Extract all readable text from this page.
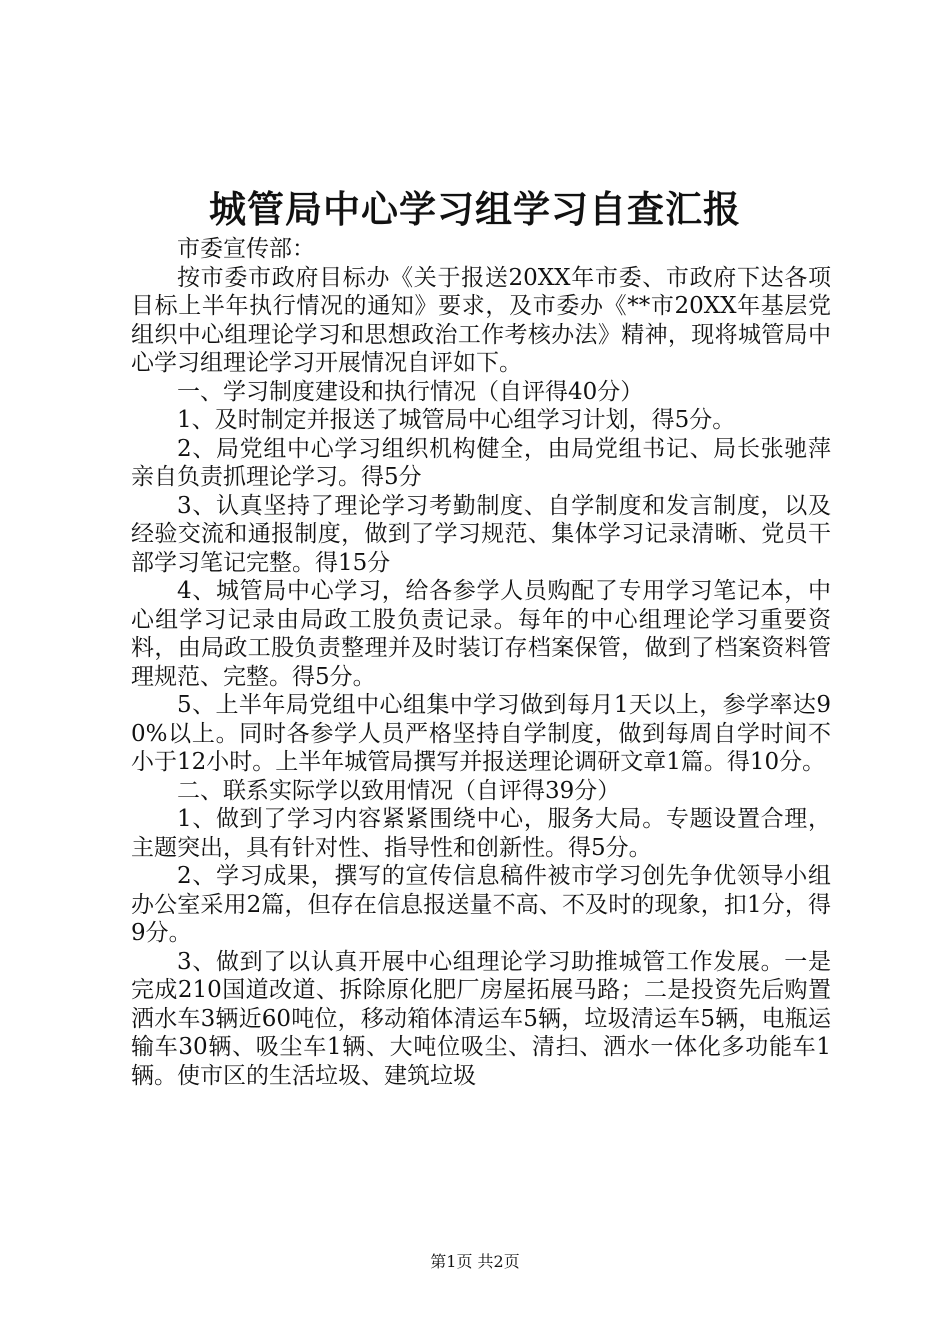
城管局中心学习组学习自查汇报

市委宣传部：

按市委市政府目标办《关于报送20XX年市委、市政府下达各项目标上半年执行情况的通知》要求，及市委办《**市20XX年基层党组织中心组理论学习和思想政治工作考核办法》精神，现将城管局中心学习组理论学习开展情况自评如下。

一、学习制度建设和执行情况（自评得40分）

1、及时制定并报送了城管局中心组学习计划，得5分。

2、局党组中心学习组织机构健全，由局党组书记、局长张驰萍亲自负责抓理论学习。得5分

3、认真坚持了理论学习考勤制度、自学制度和发言制度，以及经验交流和通报制度，做到了学习规范、集体学习记录清晰、党员干部学习笔记完整。得15分

4、城管局中心学习，给各参学人员购配了专用学习笔记本，中心组学习记录由局政工股负责记录。每年的中心组理论学习重要资料，由局政工股负责整理并及时装订存档案保管，做到了档案资料管理规范、完整。得5分。

5、上半年局党组中心组集中学习做到每月1天以上，参学率达90%以上。同时各参学人员严格坚持自学制度，做到每周自学时间不小于12小时。上半年城管局撰写并报送理论调研文章1篇。得10分。

二、联系实际学以致用情况（自评得39分）

1、做到了学习内容紧紧围绕中心，服务大局。专题设置合理，主题突出，具有针对性、指导性和创新性。得5分。

2、学习成果，撰写的宣传信息稿件被市学习创先争优领导小组办公室采用2篇，但存在信息报送量不高、不及时的现象，扣1分，得9分。

3、做到了以认真开展中心组理论学习助推城管工作发展。一是完成210国道改道、拆除原化肥厂房屋拓展马路；二是投资先后购置洒水车3辆近60吨位，移动箱体清运车5辆，垃圾清运车5辆，电瓶运输车30辆、吸尘车1辆、大吨位吸尘、清扫、洒水一体化多功能车1辆。使市区的生活垃圾、建筑垃圾

第1页 共2页
